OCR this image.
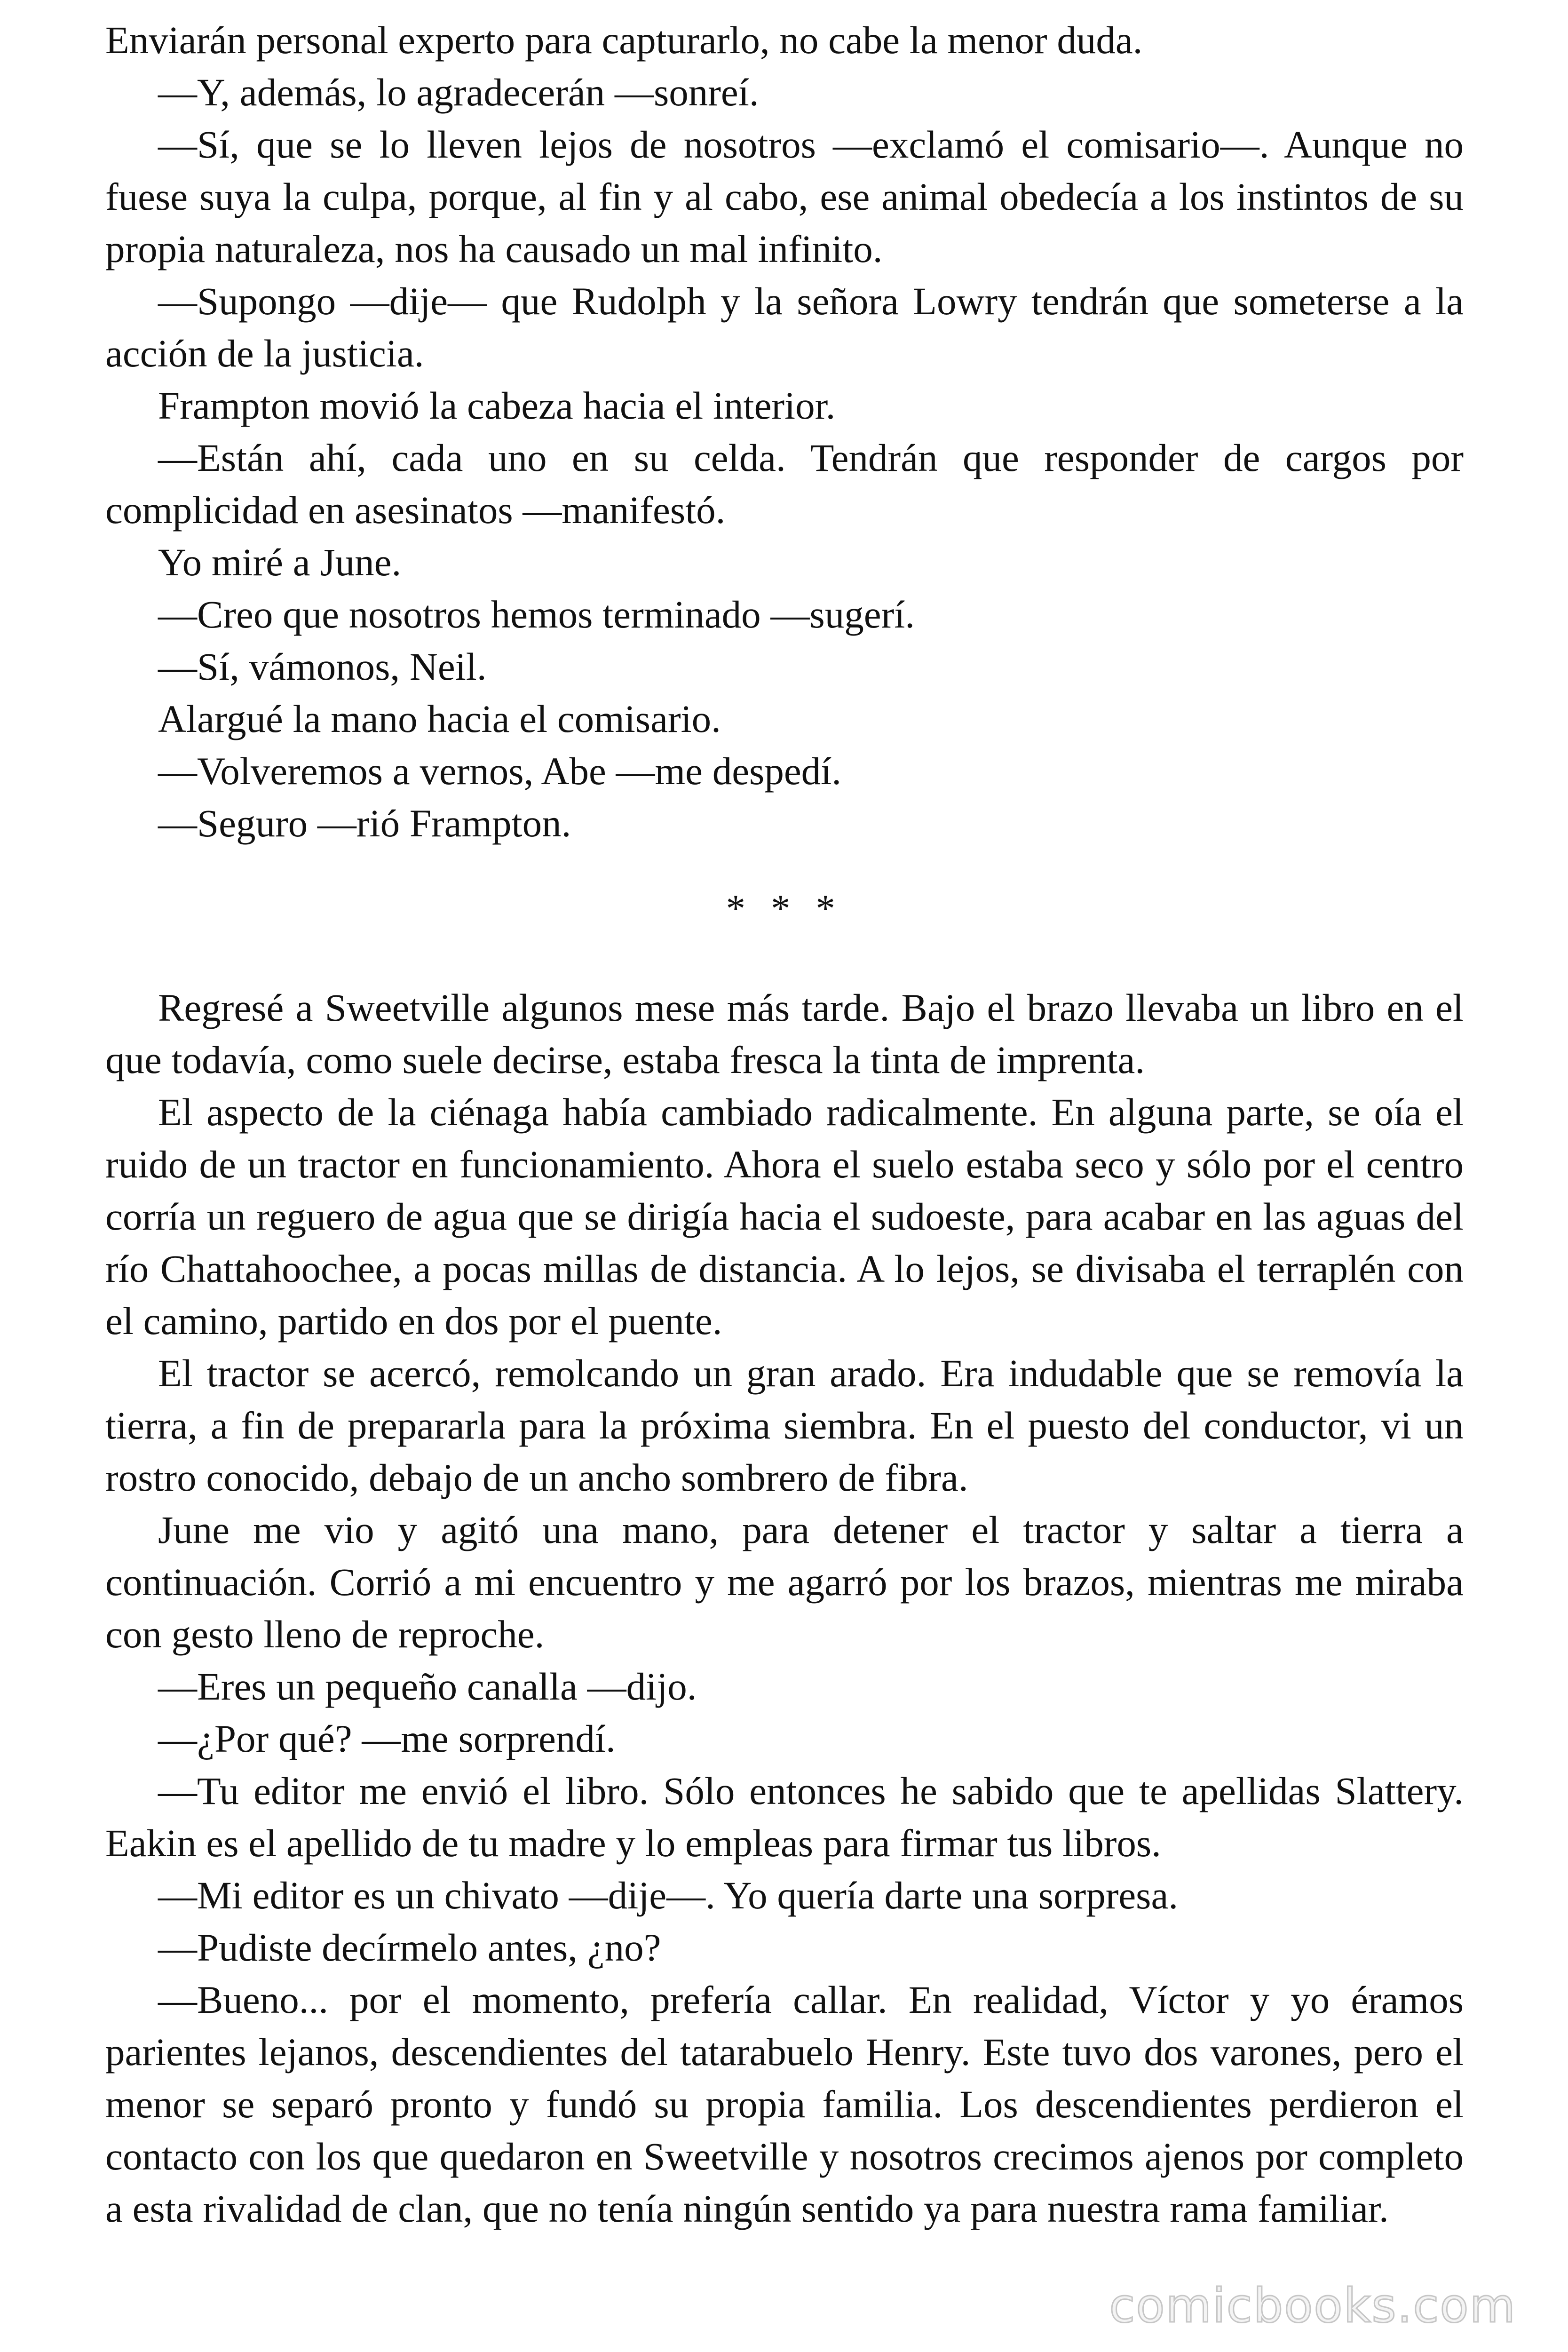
Enviarán personal experto para capturarlo, no cabe la menor duda.

—Y, además, lo agradecerán —sonreí.

—Sí, que se lo lleven lejos de nosotros —exclamó el comisario—. Aunque no fuese suya la culpa, porque, al fin y al cabo, ese animal obedecía a los instintos de su propia naturaleza, nos ha causado un mal infinito.

—Supongo —dije— que Rudolph y la señora Lowry tendrán que someterse a la acción de la justicia.

Frampton movió la cabeza hacia el interior.

—Están ahí, cada uno en su celda. Tendrán que responder de cargos por complicidad en asesinatos —manifestó.

Yo miré a June.

—Creo que nosotros hemos terminado —sugerí.

—Sí, vámonos, Neil.

Alargué la mano hacia el comisario.

—Volveremos a vernos, Abe —me despedí.

—Seguro —rió Frampton.

* * *

Regresé a Sweetville algunos mese más tarde. Bajo el brazo llevaba un libro en el que todavía, como suele decirse, estaba fresca la tinta de imprenta.

El aspecto de la ciénaga había cambiado radicalmente. En alguna parte, se oía el ruido de un tractor en funcionamiento. Ahora el suelo estaba seco y sólo por el centro corría un reguero de agua que se dirigía hacia el sudoeste, para acabar en las aguas del río Chattahoochee, a pocas millas de distancia. A lo lejos, se divisaba el terraplén con el camino, partido en dos por el puente.

El tractor se acercó, remolcando un gran arado. Era indudable que se removía la tierra, a fin de prepararla para la próxima siembra. En el puesto del conductor, vi un rostro conocido, debajo de un ancho sombrero de fibra.

June me vio y agitó una mano, para detener el tractor y saltar a tierra a continuación. Corrió a mi encuentro y me agarró por los brazos, mientras me miraba con gesto lleno de reproche.

—Eres un pequeño canalla —dijo.

—¿Por qué? —me sorprendí.

—Tu editor me envió el libro. Sólo entonces he sabido que te apellidas Slattery. Eakin es el apellido de tu madre y lo empleas para firmar tus libros.

—Mi editor es un chivato —dije—. Yo quería darte una sorpresa.

—Pudiste decírmelo antes, ¿no?

—Bueno... por el momento, prefería callar. En realidad, Víctor y yo éramos parientes lejanos, descendientes del tatarabuelo Henry. Este tuvo dos varones, pero el menor se separó pronto y fundó su propia familia. Los descendientes perdieron el contacto con los que quedaron en Sweetville y nosotros crecimos ajenos por completo a esta rivalidad de clan, que no tenía ningún sentido ya para nuestra rama familiar.

comicbooks.com
